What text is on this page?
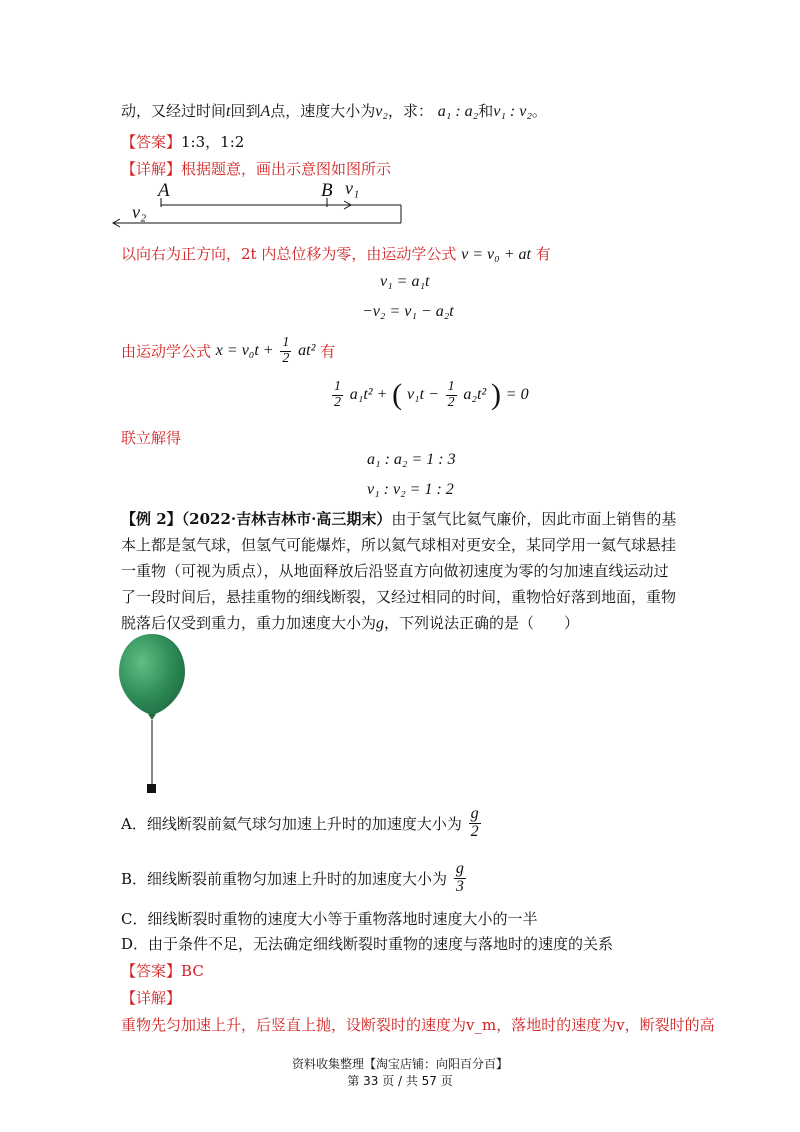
动，又经过时间t回到A点，速度大小为v₂，求： a₁ : a₂和v₁ : v₂。
【答案】1:3，1:2
【详解】根据题意，画出示意图如图所示
A	B v₁
v₂
以向右为正方向，2t 内总位移为零，由运动学公式 v = v₀ + at 有
v₁ = a₁t
−v₂ = v₁ − a₂t
由运动学公式 $x = v_0t + \frac{1}{2} at^2$ 有
$\frac{1}{2} a_1t^2$ + ( $v_1t - \frac{1}{2} a_2t^2$ ) = 0
联立解得
a₁ : a₂ = 1 : 3
v₁ : v₂ = 1 : 2
【例 2】（2022·吉林吉林市·高三期末）由于氢气比氦气廉价，因此市面上销售的基本上都是氢气球，但氢气可能爆炸，所以氦气球相对更安全，某同学用一氦气球悬挂一重物（可视为质点），从地面释放后沿竖直方向做初速度为零的匀加速直线运动过了一段时间后，悬挂重物的细线断裂，又经过相同的时间，重物恰好落到地面，重物脱落后仅受到重力，重力加速度大小为g，下列说法正确的是（　　）
A．细线断裂前氦气球匀加速上升时的加速度大小为 $\frac{g}{2}$
B．细线断裂前重物匀加速上升时的加速度大小为 $\frac{g}{3}$
C．细线断裂时重物的速度大小等于重物落地时速度大小的一半
D．由于条件不足，无法确定细线断裂时重物的速度与落地时的速度的关系
【答案】BC
【详解】
重物先匀加速上升，后竖直上抛，设断裂时的速度为v_m，落地时的速度为v，断裂时的高
资料收集整理【淘宝店铺：向阳百分百】
第 33 页 / 共 57 页
